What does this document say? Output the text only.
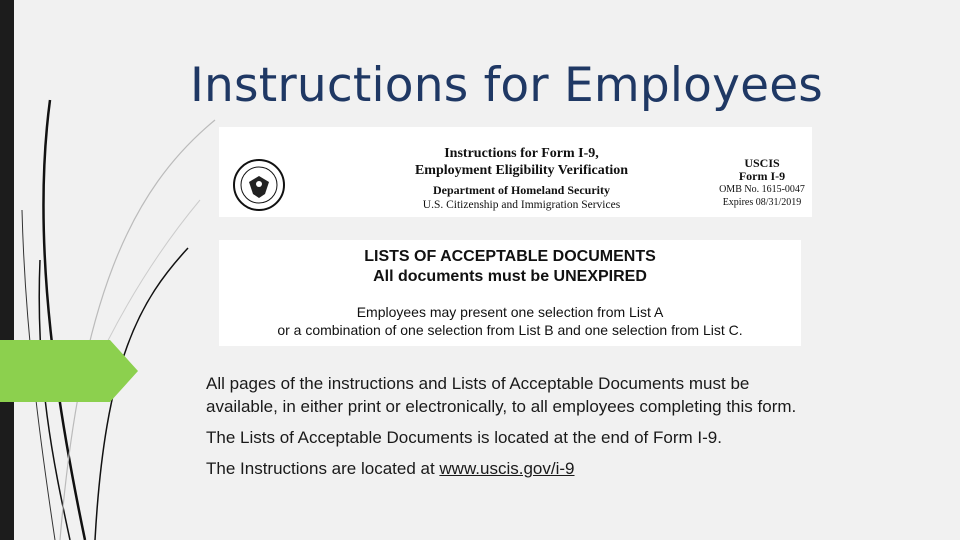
Instructions for Employees
Instructions for Form I-9,
Employment Eligibility Verification
Department of Homeland Security
U.S. Citizenship and Immigration Services
USCIS
Form I-9
OMB No. 1615-0047
Expires 08/31/2019
LISTS OF ACCEPTABLE DOCUMENTS
All documents must be UNEXPIRED
Employees may present one selection from List A
or a combination of one selection from List B and one selection from List C.

All pages of the instructions and Lists of Acceptable Documents must be

available, in either print or electronically, to all employees completing this form.

The Lists of Acceptable Documents is located at the end of Form I-9.

The Instructions are located at www.uscis.gov/i-9
